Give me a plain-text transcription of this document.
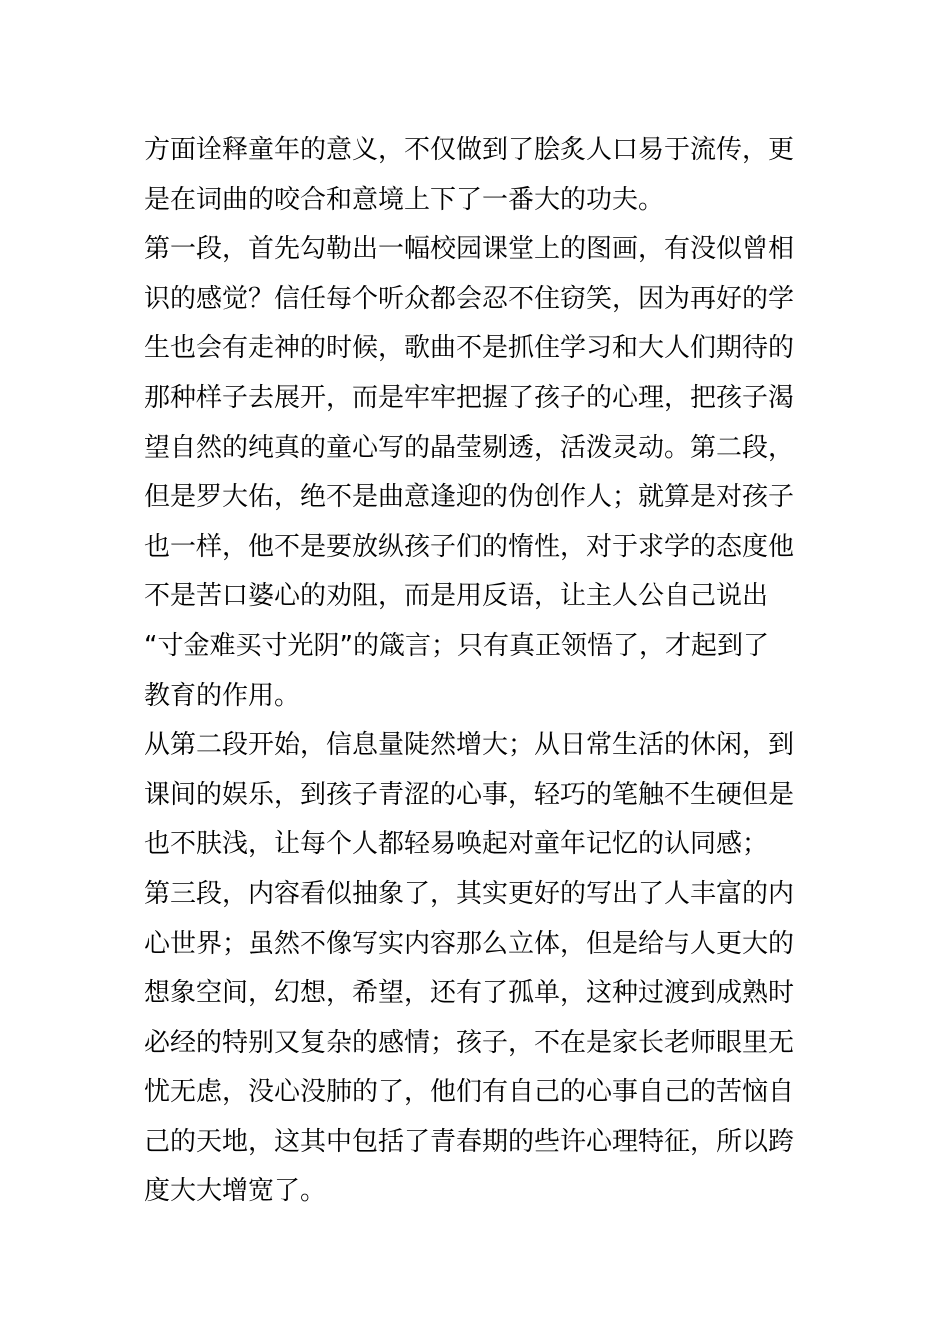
方面诠释童年的意义，不仅做到了脍炙人口易于流传，更
是在词曲的咬合和意境上下了一番大的功夫。
第一段，首先勾勒出一幅校园课堂上的图画，有没似曾相
识的感觉？信任每个听众都会忍不住窃笑，因为再好的学
生也会有走神的时候，歌曲不是抓住学习和大人们期待的
那种样子去展开，而是牢牢把握了孩子的心理，把孩子渴
望自然的纯真的童心写的晶莹剔透，活泼灵动。第二段，
但是罗大佑，绝不是曲意逢迎的伪创作人；就算是对孩子
也一样，他不是要放纵孩子们的惰性，对于求学的态度他
不是苦口婆心的劝阻，而是用反语，让主人公自己说出
“寸金难买寸光阴”的箴言；只有真正领悟了，才起到了
教育的作用。
从第二段开始，信息量陡然增大；从日常生活的休闲，到
课间的娱乐，到孩子青涩的心事，轻巧的笔触不生硬但是
也不肤浅，让每个人都轻易唤起对童年记忆的认同感；
第三段，内容看似抽象了，其实更好的写出了人丰富的内
心世界；虽然不像写实内容那么立体，但是给与人更大的
想象空间，幻想，希望，还有了孤单，这种过渡到成熟时
必经的特别又复杂的感情；孩子，不在是家长老师眼里无
忧无虑，没心没肺的了，他们有自己的心事自己的苦恼自
己的天地，这其中包括了青春期的些许心理特征，所以跨
度大大增宽了。
